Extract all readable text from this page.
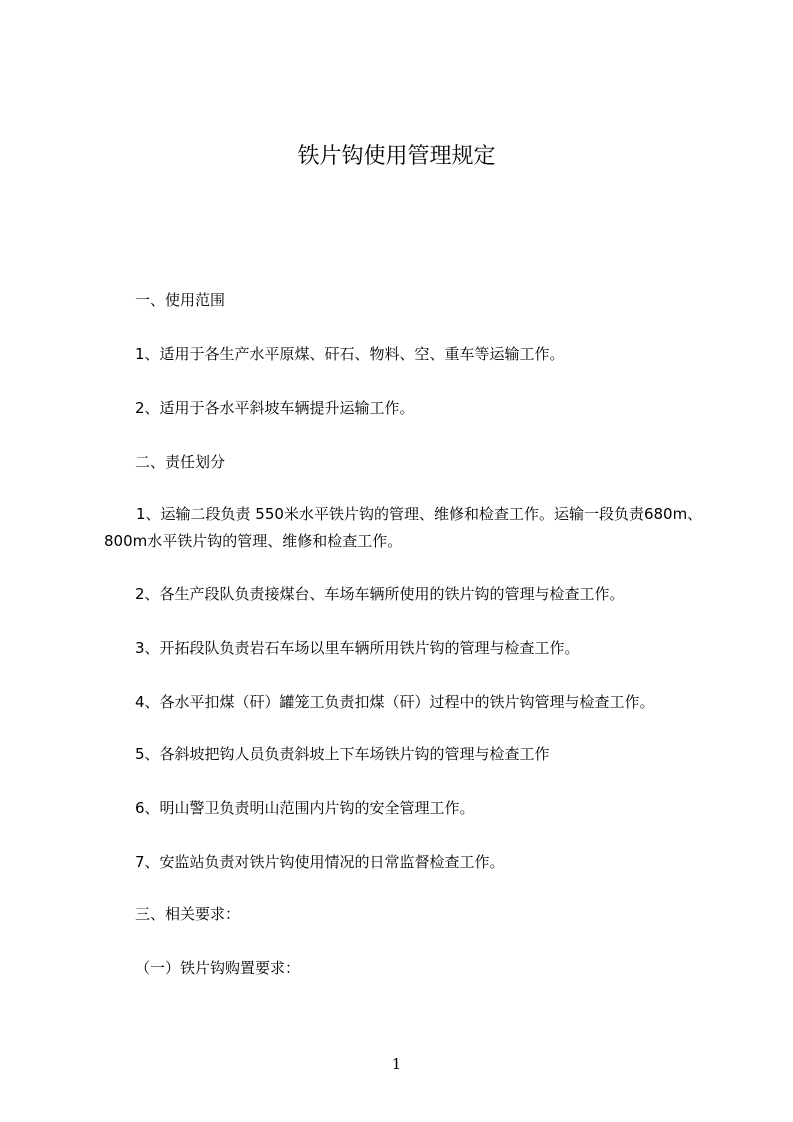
铁片钩使用管理规定
一、使用范围
1、适用于各生产水平原煤、矸石、物料、空、重车等运输工作。
2、适用于各水平斜坡车辆提升运输工作。
二、责任划分
1、运输二段负责 550米水平铁片钩的管理、维修和检查工作。运输一段负责680m、 800m水平铁片钩的管理、维修和检查工作。
2、各生产段队负责接煤台、车场车辆所使用的铁片钩的管理与检查工作。
3、开拓段队负责岩石车场以里车辆所用铁片钩的管理与检查工作。
4、各水平扣煤（矸）罐笼工负责扣煤（矸）过程中的铁片钩管理与检查工作。
5、各斜坡把钩人员负责斜坡上下车场铁片钩的管理与检查工作
6、明山警卫负责明山范围内片钩的安全管理工作。
7、安监站负责对铁片钩使用情况的日常监督检查工作。
三、相关要求：
（一）铁片钩购置要求：
1
